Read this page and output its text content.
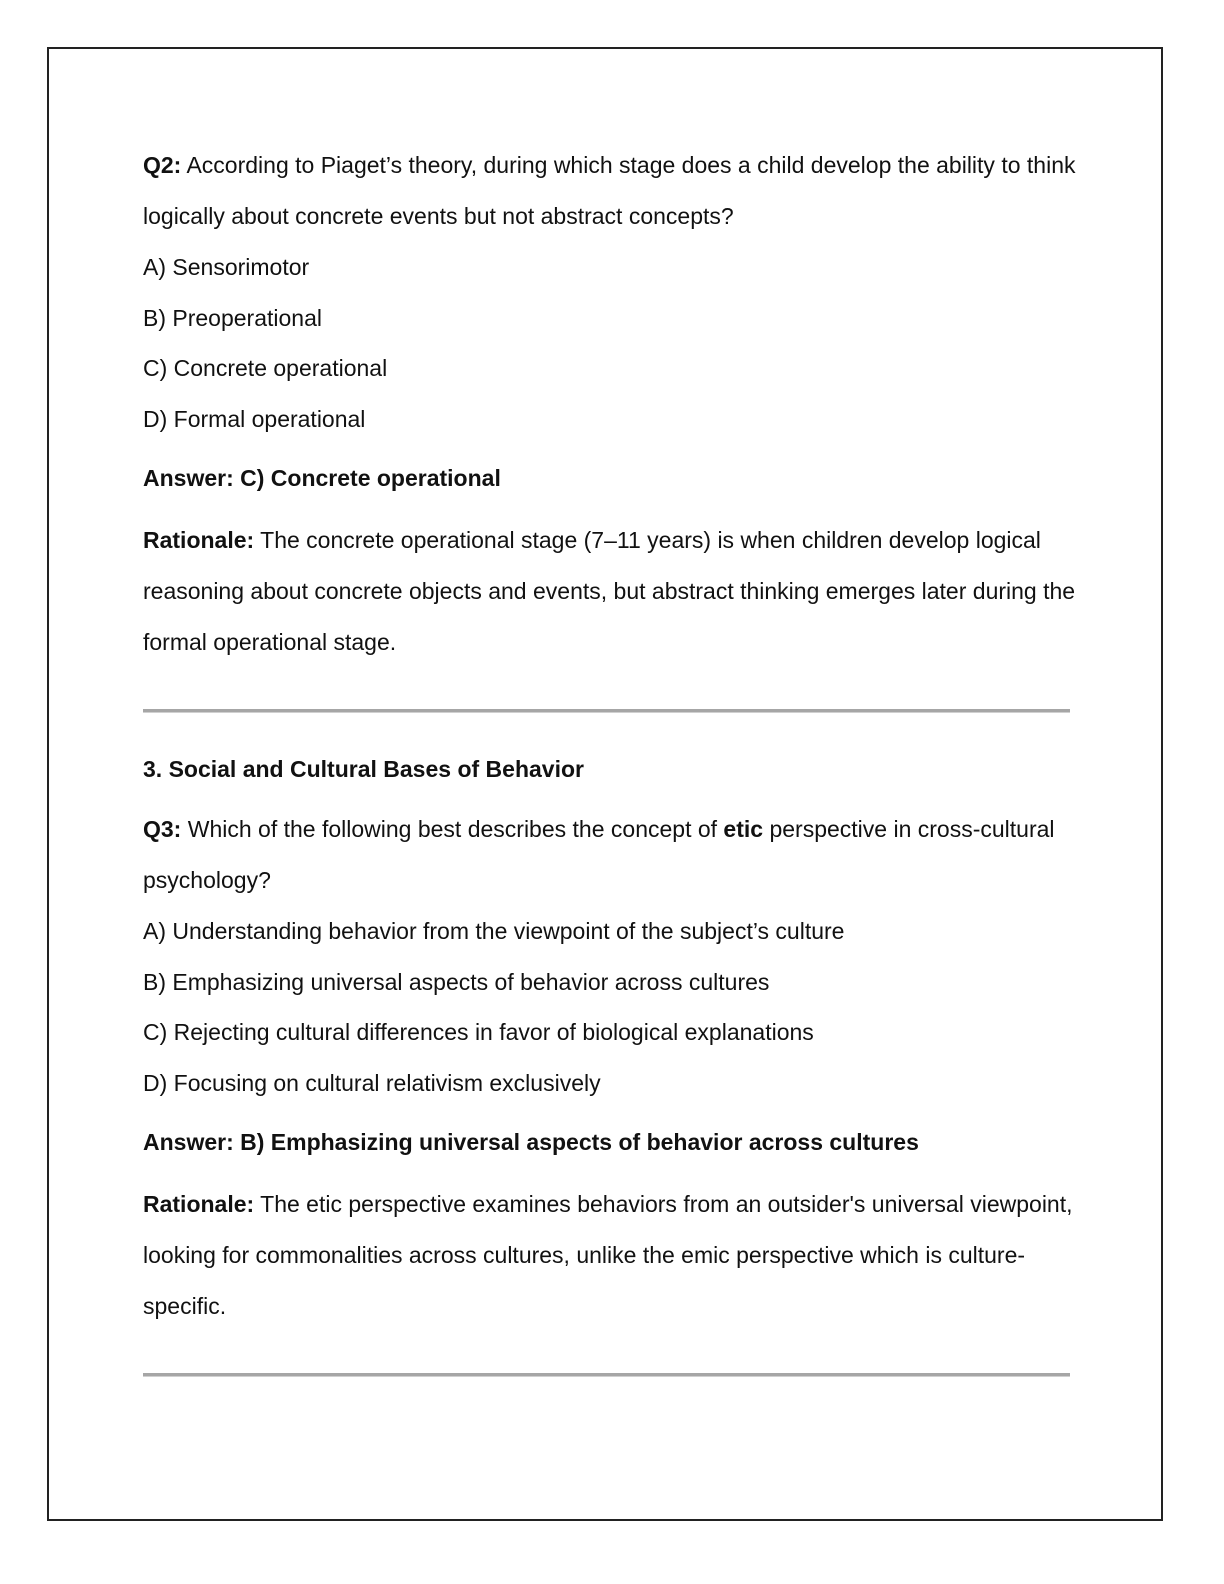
Q2: According to Piaget’s theory, during which stage does a child develop the ability to think logically about concrete events but not abstract concepts?

A) Sensorimotor

B) Preoperational

C) Concrete operational

D) Formal operational

Answer: C) Concrete operational

Rationale: The concrete operational stage (7–11 years) is when children develop logical reasoning about concrete objects and events, but abstract thinking emerges later during the formal operational stage.

3. Social and Cultural Bases of Behavior

Q3: Which of the following best describes the concept of etic perspective in cross-cultural psychology?

A) Understanding behavior from the viewpoint of the subject’s culture

B) Emphasizing universal aspects of behavior across cultures

C) Rejecting cultural differences in favor of biological explanations

D) Focusing on cultural relativism exclusively

Answer: B) Emphasizing universal aspects of behavior across cultures

Rationale: The etic perspective examines behaviors from an outsider's universal viewpoint, looking for commonalities across cultures, unlike the emic perspective which is culture-specific.
